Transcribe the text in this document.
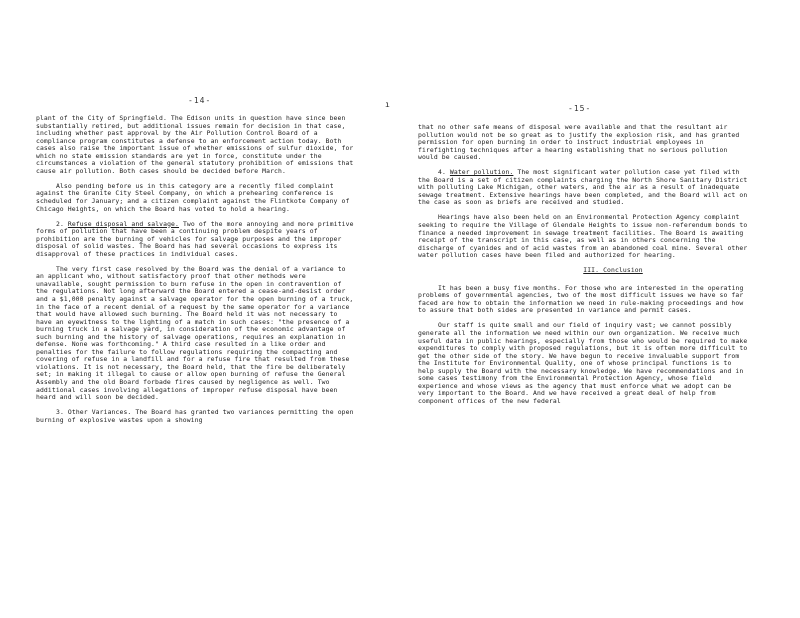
-14-

plant of the City of Springfield. The Edison units in question have since been substantially retired, but additional issues remain for decision in that case, including whether past approval by the Air Pollution Control Board of a compliance program constitutes a defense to an enforcement action today. Both cases also raise the important issue of whether emissions of sulfur dioxide, for which no state emission standards are yet in force, constitute under the circumstances a violation of the general statutory prohibition of emissions that cause air pollution. Both cases should be decided before March.

Also pending before us in this category are a recently filed complaint against the Granite City Steel Company, on which a prehearing conference is scheduled for January; and a citizen complaint against the Flintkote Company of Chicago Heights, on which the Board has voted to hold a hearing.

2. Refuse disposal and salvage. Two of the more annoying and more primitive forms of pollution that have been a continuing problem despite years of prohibition are the burning of vehicles for salvage purposes and the improper disposal of solid wastes. The Board has had several occasions to express its disapproval of these practices in individual cases.

The very first case resolved by the Board was the denial of a variance to an applicant who, without satisfactory proof that other methods were unavailable, sought permission to burn refuse in the open in contravention of the regulations. Not long afterward the Board entered a cease-and-desist order and a $1,000 penalty against a salvage operator for the open burning of a truck, in the face of a recent denial of a request by the same operator for a variance that would have allowed such burning. The Board held it was not necessary to have an eyewitness to the lighting of a match in such cases: "the presence of a burning truck in a salvage yard, in consideration of the economic advantage of such burning and the history of salvage operations, requires an explanation in defense. None was forthcoming." A third case resulted in a like order and penalties for the failure to follow regulations requiring the compacting and covering of refuse in a landfill and for a refuse fire that resulted from these violations. It is not necessary, the Board held, that the fire be deliberately set; in making it illegal to cause or allow open burning of refuse the General Assembly and the old Board forbade fires caused by negligence as well. Two additional cases involving allegations of improper refuse disposal have been heard and will soon be decided.

3. Other Variances. The Board has granted two variances permitting the open burning of explosive wastes upon a showing

ı	-15-

that no other safe means of disposal were available and that the resultant air pollution would not be so great as to justify the explosion risk, and has granted permission for open burning in order to instruct industrial employees in firefighting techniques after a hearing establishing that no serious pollution would be caused.

4. Water pollution. The most significant water pollution case yet filed with the Board is a set of citizen complaints charging the North Shore Sanitary District with polluting Lake Michigan, other waters, and the air as a result of inadequate sewage treatment. Extensive hearings have been completed, and the Board will act on the case as soon as briefs are received and studied.

Hearings have also been held on an Environmental Protection Agency complaint seeking to require the Village of Glendale Heights to issue non-referendum bonds to finance a needed improvement in sewage treatment facilities. The Board is awaiting receipt of the transcript in this case, as well as in others concerning the discharge of cyanides and of acid wastes from an abandoned coal mine. Several other water pollution cases have been filed and authorized for hearing.

III. Conclusion

It has been a busy five months. For those who are interested in the operating problems of governmental agencies, two of the most difficult issues we have so far faced are how to obtain the information we need in rule-making proceedings and how to assure that both sides are presented in variance and permit cases.

Our staff is quite small and our field of inquiry vast; we cannot possibly generate all the information we need within our own organization. We receive much useful data in public hearings, especially from those who would be required to make expenditures to comply with proposed regulations, but it is often more difficult to get the other side of the story. We have begun to receive invaluable support from the Institute for Environmental Quality, one of whose principal functions is to help supply the Board with the necessary knowledge. We have recommendations and in some cases testimony from the Environmental Protection Agency, whose field experience and whose views as the agency that must enforce what we adopt can be very important to the Board. And we have received a great deal of help from component offices of the new federal
